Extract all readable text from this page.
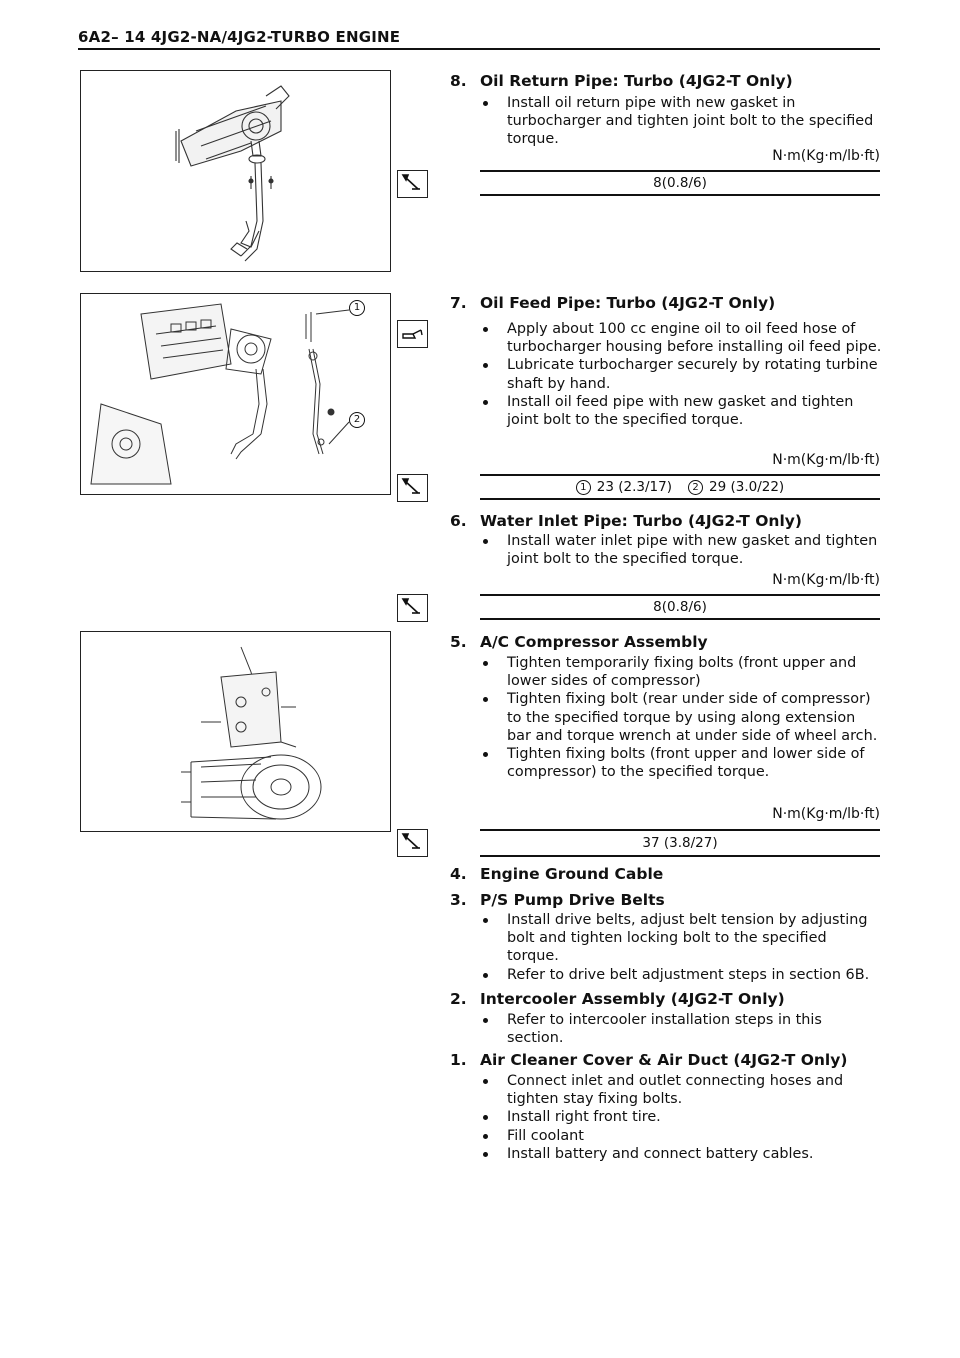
6A2– 14 4JG2-NA/4JG2-TURBO ENGINE
8. Oil Return Pipe: Turbo (4JG2-T Only)
Install oil return pipe with new gasket in turbocharger and tighten joint bolt to the specified torque.
N·m(Kg·m/lb·ft)
8(0.8/6)
1
2
7. Oil Feed Pipe: Turbo (4JG2-T Only)
Apply about 100 cc engine oil to oil feed hose of turbocharger housing before installing oil feed pipe.
Lubricate turbocharger securely by rotating turbine shaft by hand.
Install oil feed pipe with new gasket and tighten joint bolt to the specified torque.
N·m(Kg·m/lb·ft)
1 23 (2.3/17) 2 29 (3.0/22)
6. Water Inlet Pipe: Turbo (4JG2-T Only)
Install water inlet pipe with new gasket and tighten joint bolt to the specified torque.
N·m(Kg·m/lb·ft)
8(0.8/6)
5. A/C Compressor Assembly
Tighten temporarily fixing bolts (front upper and lower sides of compressor)
Tighten fixing bolt (rear under side of compressor) to the specified torque by using along extension bar and torque wrench at under side of wheel arch.
Tighten fixing bolts (front upper and lower side of compressor) to the specified torque.
N·m(Kg·m/lb·ft)
37 (3.8/27)
4. Engine Ground Cable
3. P/S Pump Drive Belts
Install drive belts, adjust belt tension by adjusting bolt and tighten locking bolt to the specified torque.
Refer to drive belt adjustment steps in section 6B.
2. Intercooler Assembly (4JG2-T Only)
Refer to intercooler installation steps in this section.
1. Air Cleaner Cover & Air Duct (4JG2-T Only)
Connect inlet and outlet connecting hoses and tighten stay fixing bolts.
Install right front tire.
Fill coolant
Install battery and connect battery cables.
